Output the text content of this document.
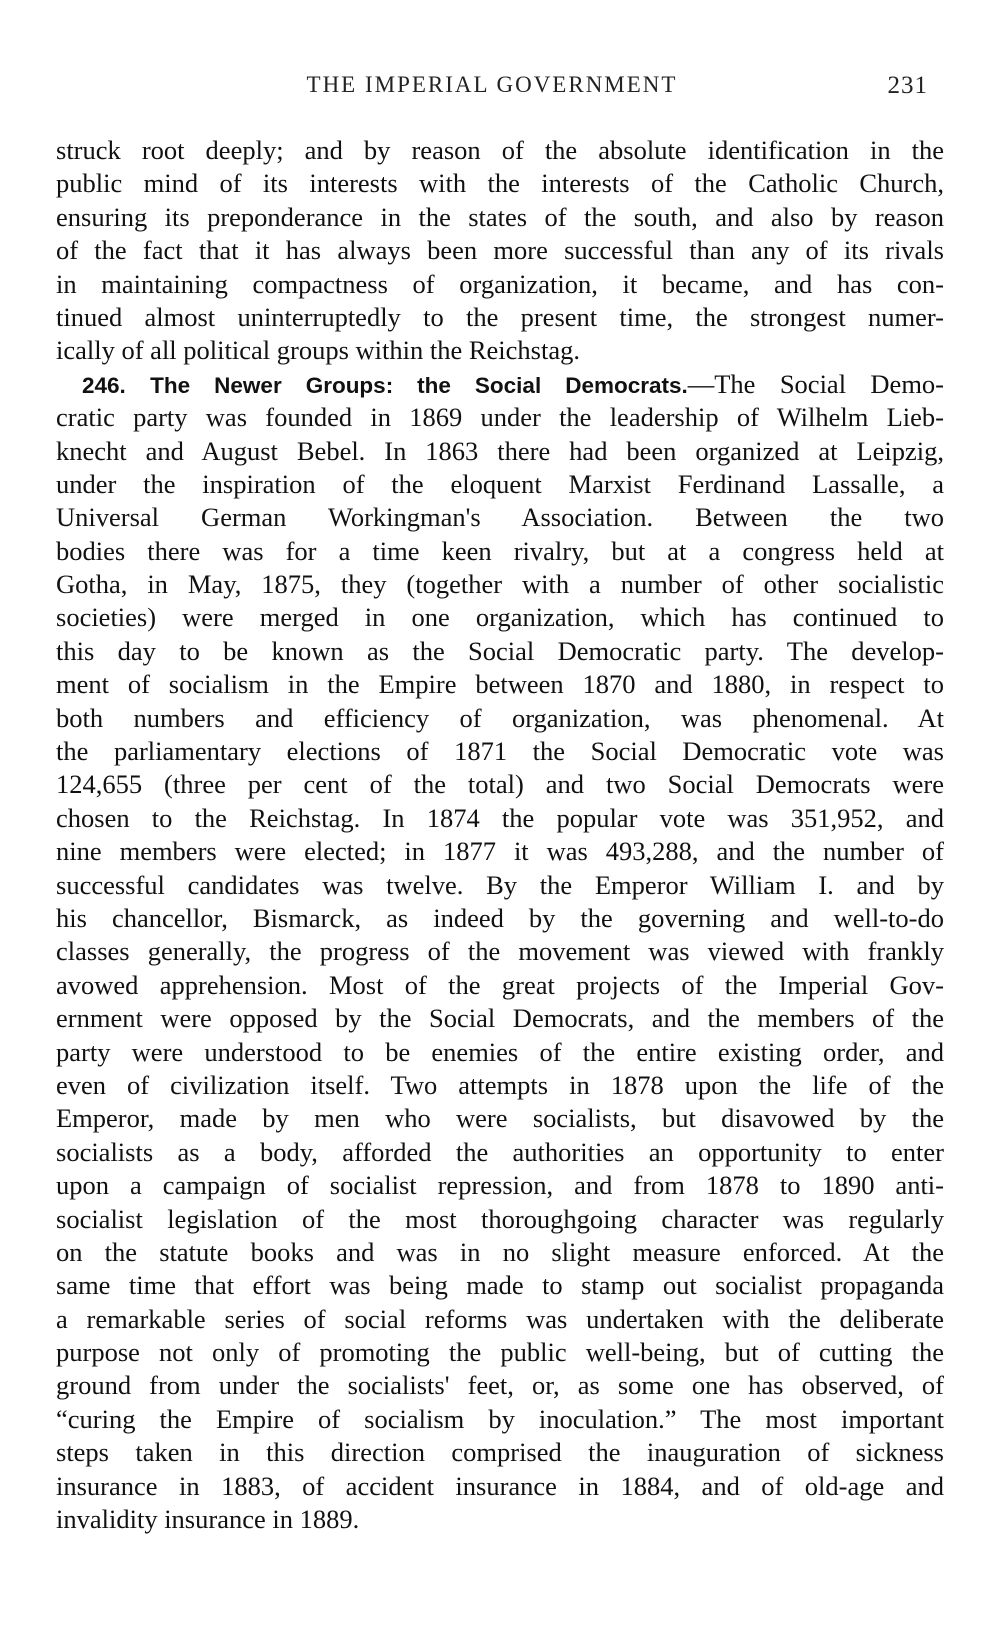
THE IMPERIAL GOVERNMENT	231
struck root deeply; and by reason of the absolute identification in the
public mind of its interests with the interests of the Catholic Church,
ensuring its preponderance in the states of the south, and also by reason
of the fact that it has always been more successful than any of its rivals
in maintaining compactness of organization, it became, and has con-
tinued almost uninterruptedly to the present time, the strongest numer-
ically of all political groups within the Reichstag.
246. The Newer Groups: the Social Democrats.—The Social Demo-
cratic party was founded in 1869 under the leadership of Wilhelm Lieb-
knecht and August Bebel. In 1863 there had been organized at Leipzig,
under the inspiration of the eloquent Marxist Ferdinand Lassalle, a
Universal German Workingman's Association. Between the two
bodies there was for a time keen rivalry, but at a congress held at
Gotha, in May, 1875, they (together with a number of other socialistic
societies) were merged in one organization, which has continued to
this day to be known as the Social Democratic party. The develop-
ment of socialism in the Empire between 1870 and 1880, in respect to
both numbers and efficiency of organization, was phenomenal. At
the parliamentary elections of 1871 the Social Democratic vote was
124,655 (three per cent of the total) and two Social Democrats were
chosen to the Reichstag. In 1874 the popular vote was 351,952, and
nine members were elected; in 1877 it was 493,288, and the number of
successful candidates was twelve. By the Emperor William I. and by
his chancellor, Bismarck, as indeed by the governing and well-to-do
classes generally, the progress of the movement was viewed with frankly
avowed apprehension. Most of the great projects of the Imperial Gov-
ernment were opposed by the Social Democrats, and the members of the
party were understood to be enemies of the entire existing order, and
even of civilization itself. Two attempts in 1878 upon the life of the
Emperor, made by men who were socialists, but disavowed by the
socialists as a body, afforded the authorities an opportunity to enter
upon a campaign of socialist repression, and from 1878 to 1890 anti-
socialist legislation of the most thoroughgoing character was regularly
on the statute books and was in no slight measure enforced. At the
same time that effort was being made to stamp out socialist propaganda
a remarkable series of social reforms was undertaken with the deliberate
purpose not only of promoting the public well-being, but of cutting the
ground from under the socialists' feet, or, as some one has observed, of
“curing the Empire of socialism by inoculation.” The most important
steps taken in this direction comprised the inauguration of sickness
insurance in 1883, of accident insurance in 1884, and of old-age and
invalidity insurance in 1889.
